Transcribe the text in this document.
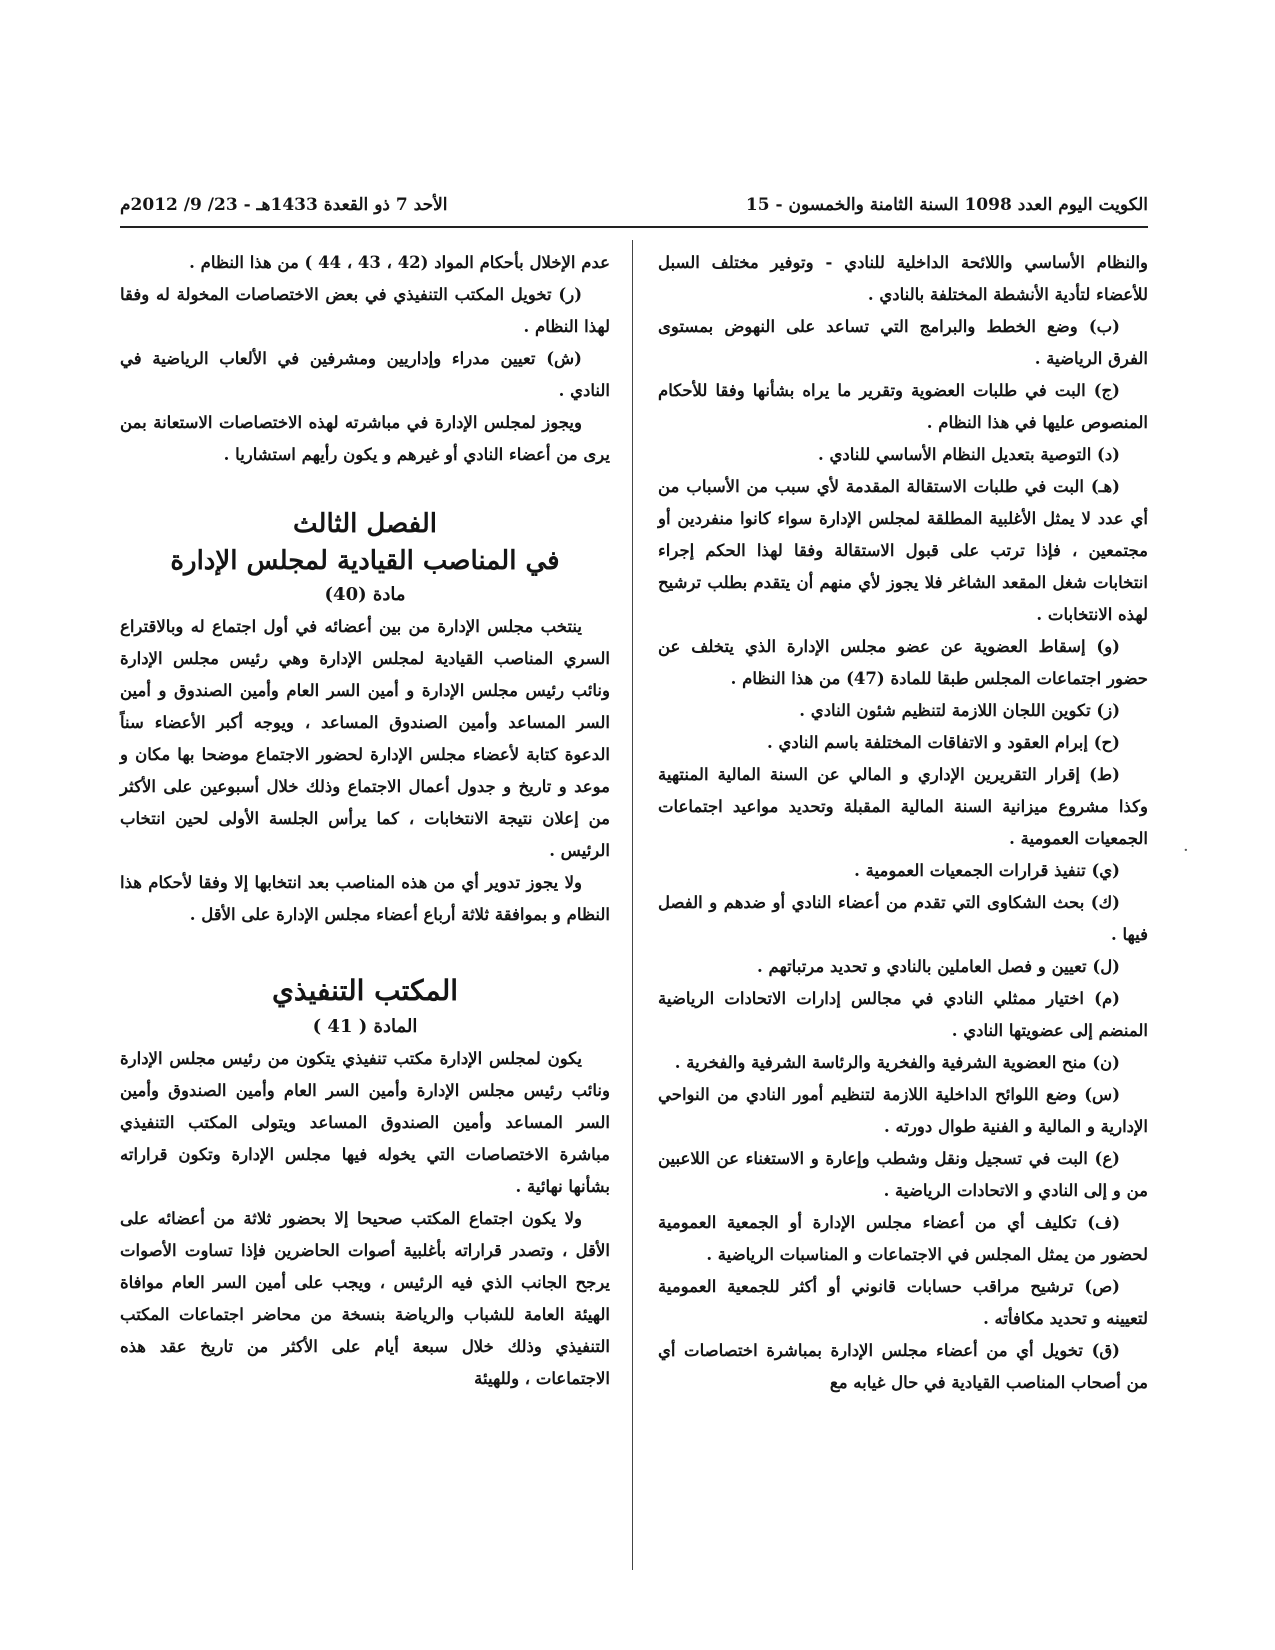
الكويت اليوم العدد 1098 السنة الثامنة والخمسون - 15
الأحد 7 ذو القعدة 1433هـ - 23/ 9/ 2012م

والنظام الأساسي واللائحة الداخلية للنادي - وتوفير مختلف السبل للأعضاء لتأدية الأنشطة المختلفة بالنادي .

(ب) وضع الخطط والبرامج التي تساعد على النهوض بمستوى الفرق الرياضية .

(ج) البت في طلبات العضوية وتقرير ما يراه بشأنها وفقا للأحكام المنصوص عليها في هذا النظام .

(د) التوصية بتعديل النظام الأساسي للنادي .

(هـ) البت في طلبات الاستقالة المقدمة لأي سبب من الأسباب من أي عدد لا يمثل الأغلبية المطلقة لمجلس الإدارة سواء كانوا منفردين أو مجتمعين ، فإذا ترتب على قبول الاستقالة وفقا لهذا الحكم إجراء انتخابات شغل المقعد الشاغر فلا يجوز لأي منهم أن يتقدم بطلب ترشيح لهذه الانتخابات .

(و) إسقاط العضوية عن عضو مجلس الإدارة الذي يتخلف عن حضور اجتماعات المجلس طبقا للمادة (47) من هذا النظام .

(ز) تكوين اللجان اللازمة لتنظيم شئون النادي .

(ح) إبرام العقود و الاتفاقات المختلفة باسم النادي .

(ط) إقرار التقريرين الإداري و المالي عن السنة المالية المنتهية وكذا مشروع ميزانية السنة المالية المقبلة وتحديد مواعيد اجتماعات الجمعيات العمومية .

(ي) تنفيذ قرارات الجمعيات العمومية .

(ك) بحث الشكاوى التي تقدم من أعضاء النادي أو ضدهم و الفصل فيها .

(ل) تعيين و فصل العاملين بالنادي و تحديد مرتباتهم .

(م) اختيار ممثلي النادي في مجالس إدارات الاتحادات الرياضية المنضم إلى عضويتها النادي .

(ن) منح العضوية الشرفية والفخرية والرئاسة الشرفية والفخرية .

(س) وضع اللوائح الداخلية اللازمة لتنظيم أمور النادي من النواحي الإدارية و المالية و الفنية طوال دورته .

(ع) البت في تسجيل ونقل وشطب وإعارة و الاستغناء عن اللاعبين من و إلى النادي و الاتحادات الرياضية .

(ف) تكليف أي من أعضاء مجلس الإدارة أو الجمعية العمومية لحضور من يمثل المجلس في الاجتماعات و المناسبات الرياضية .

(ص) ترشيح مراقب حسابات قانوني أو أكثر للجمعية العمومية لتعيينه و تحديد مكافأته .

(ق) تخويل أي من أعضاء مجلس الإدارة بمباشرة اختصاصات أي من أصحاب المناصب القيادية في حال غيابه مع

عدم الإخلال بأحكام المواد (42 ، 43 ، 44 ) من هذا النظام .

(ر) تخويل المكتب التنفيذي في بعض الاختصاصات المخولة له وفقا لهذا النظام .

(ش) تعيين مدراء وإداريين ومشرفين في الألعاب الرياضية في النادي .

ويجوز لمجلس الإدارة في مباشرته لهذه الاختصاصات الاستعانة بمن يرى من أعضاء النادي أو غيرهم و يكون رأيهم استشاريا .

الفصل الثالث

في المناصب القيادية لمجلس الإدارة

مادة (40)

ينتخب مجلس الإدارة من بين أعضائه في أول اجتماع له وبالاقتراع السري المناصب القيادية لمجلس الإدارة وهي رئيس مجلس الإدارة ونائب رئيس مجلس الإدارة و أمين السر العام وأمين الصندوق و أمين السر المساعد وأمين الصندوق المساعد ، ويوجه أكبر الأعضاء سناً الدعوة كتابة لأعضاء مجلس الإدارة لحضور الاجتماع موضحا بها مكان و موعد و تاريخ و جدول أعمال الاجتماع وذلك خلال أسبوعين على الأكثر من إعلان نتيجة الانتخابات ، كما يرأس الجلسة الأولى لحين انتخاب الرئيس .

ولا يجوز تدوير أي من هذه المناصب بعد انتخابها إلا وفقا لأحكام هذا النظام و بموافقة ثلاثة أرباع أعضاء مجلس الإدارة على الأقل .

المكتب التنفيذي

المادة ( 41 )

يكون لمجلس الإدارة مكتب تنفيذي يتكون من رئيس مجلس الإدارة ونائب رئيس مجلس الإدارة وأمين السر العام وأمين الصندوق وأمين السر المساعد وأمين الصندوق المساعد ويتولى المكتب التنفيذي مباشرة الاختصاصات التي يخوله فيها مجلس الإدارة وتكون قراراته بشأنها نهائية .

ولا يكون اجتماع المكتب صحيحا إلا بحضور ثلاثة من أعضائه على الأقل ، وتصدر قراراته بأغلبية أصوات الحاضرين فإذا تساوت الأصوات يرجح الجانب الذي فيه الرئيس ، ويجب على أمين السر العام موافاة الهيئة العامة للشباب والرياضة بنسخة من محاضر اجتماعات المكتب التنفيذي وذلك خلال سبعة أيام على الأكثر من تاريخ عقد هذه الاجتماعات ، وللهيئة

·
